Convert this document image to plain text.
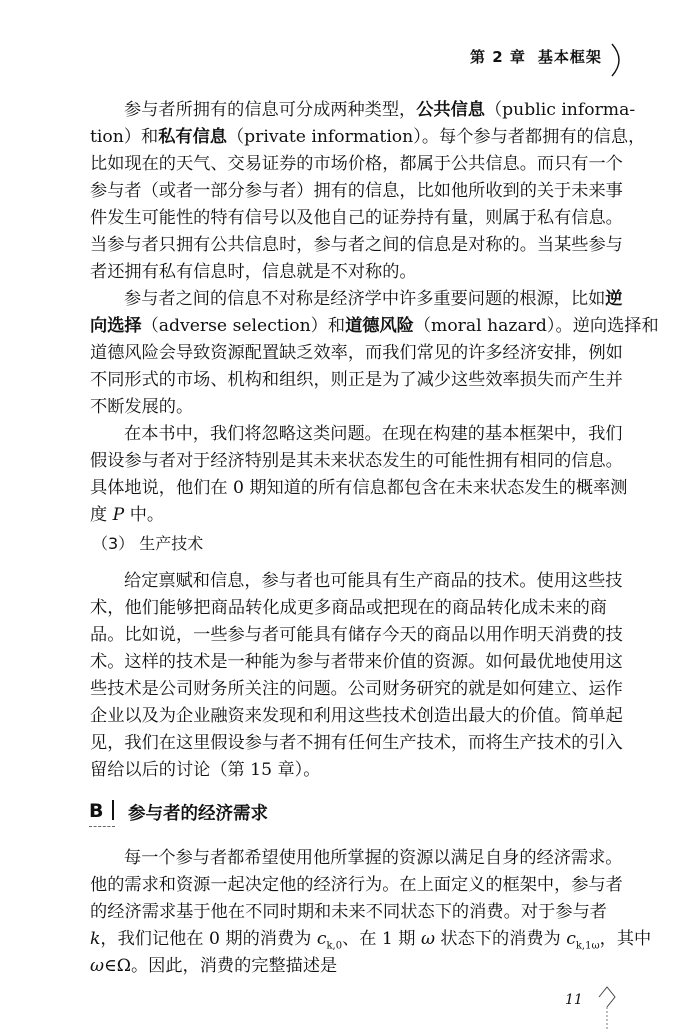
第 2 章 基本框架
参与者所拥有的信息可分成两种类型，公共信息（public informa-
tion）和私有信息（private information）。每个参与者都拥有的信息，
比如现在的天气、交易证券的市场价格，都属于公共信息。而只有一个
参与者（或者一部分参与者）拥有的信息，比如他所收到的关于未来事
件发生可能性的特有信号以及他自己的证券持有量，则属于私有信息。
当参与者只拥有公共信息时，参与者之间的信息是对称的。当某些参与
者还拥有私有信息时，信息就是不对称的。
参与者之间的信息不对称是经济学中许多重要问题的根源，比如逆
向选择（adverse selection）和道德风险（moral hazard）。逆向选择和
道德风险会导致资源配置缺乏效率，而我们常见的许多经济安排，例如
不同形式的市场、机构和组织，则正是为了减少这些效率损失而产生并
不断发展的。
在本书中，我们将忽略这类问题。在现在构建的基本框架中，我们
假设参与者对于经济特别是其未来状态发生的可能性拥有相同的信息。
具体地说，他们在 0 期知道的所有信息都包含在未来状态发生的概率测
度 P 中。
（3） 生产技术
给定禀赋和信息，参与者也可能具有生产商品的技术。使用这些技
术，他们能够把商品转化成更多商品或把现在的商品转化成未来的商
品。比如说，一些参与者可能具有储存今天的商品以用作明天消费的技
术。这样的技术是一种能为参与者带来价值的资源。如何最优地使用这
些技术是公司财务所关注的问题。公司财务研究的就是如何建立、运作
企业以及为企业融资来发现和利用这些技术创造出最大的价值。简单起
见，我们在这里假设参与者不拥有任何生产技术，而将生产技术的引入
留给以后的讨论（第 15 章）。
B 参与者的经济需求
每一个参与者都希望使用他所掌握的资源以满足自身的经济需求。
他的需求和资源一起决定他的经济行为。在上面定义的框架中，参与者
的经济需求基于他在不同时期和未来不同状态下的消费。对于参与者
k，我们记他在 0 期的消费为 $c_{k,0}$、在 1 期 ω 状态下的消费为 $c_{k,1\omega}$，其中
ω∈Ω。因此，消费的完整描述是
11
